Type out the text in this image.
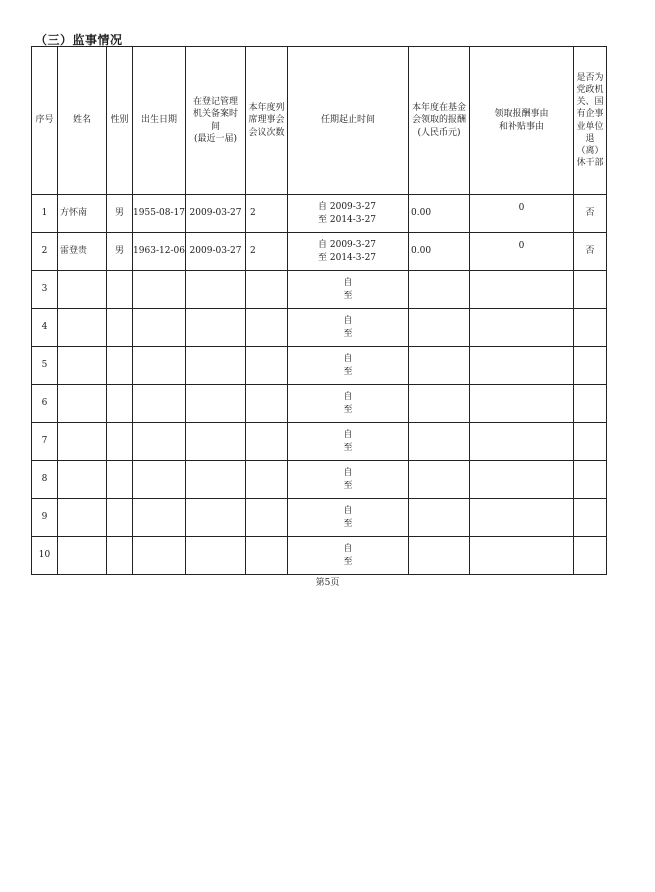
（三）监事情况
序号	姓名	性别	出生日期	在登记管理
机关备案时
间
(最近一届)	本年度列席理事会会议次数	任期起止时间	本年度在基金会领取的报酬(人民币元)	领取报酬事由和补贴事由	是否为党政机关、国有企事业单位退（离）休干部

1	方怀南	男	1955-08-17	2009-03-27	2	自 2009-3-27
至 2014-3-27	0.00	0	否
2	雷登贵	男	1963-12-06	2009-03-27	2	自 2009-3-27
至 2014-3-27	0.00	0	否
3						自
至			

4						自
至			

5						自
至			

6						自
至			

7						自
至			

8						自
至			

9						自
至			

10						自
至			

第5页
